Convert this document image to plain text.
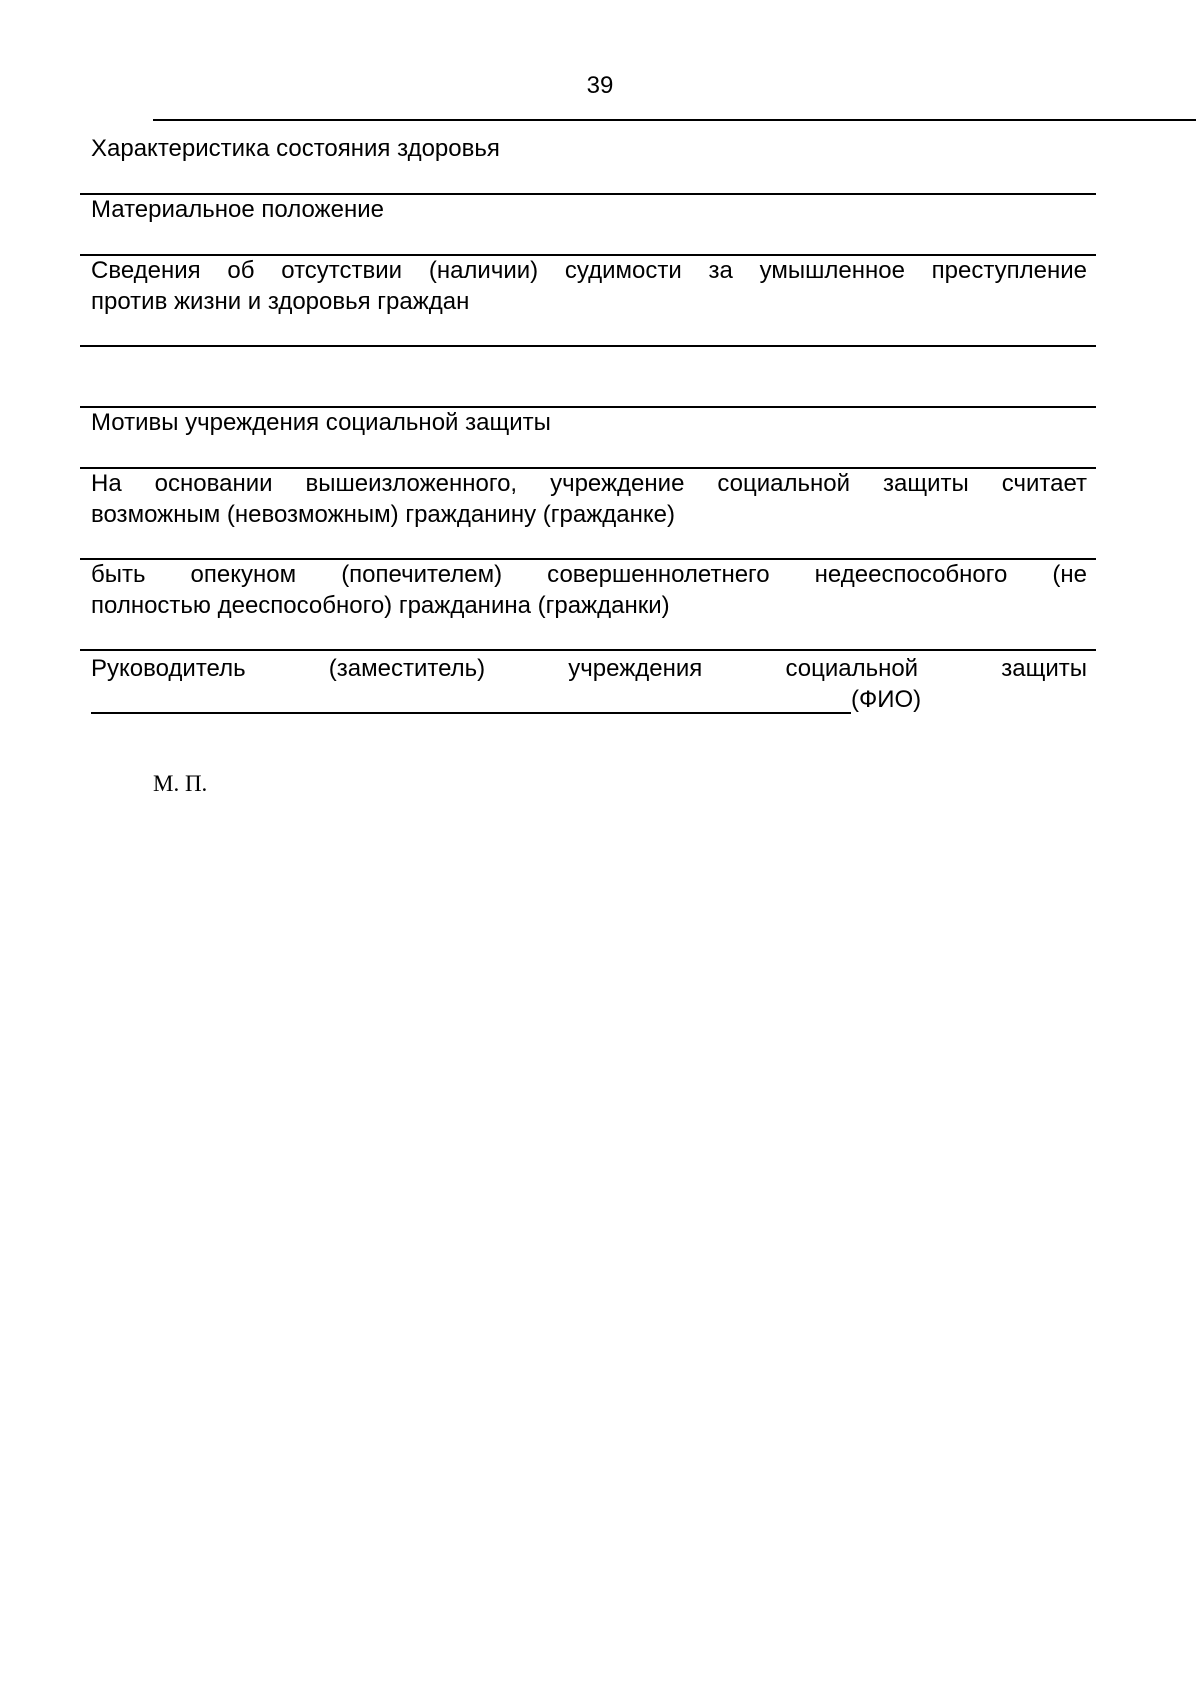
39
Характеристика состояния здоровья
Материальное положение
Сведения об отсутствии (наличии) судимости за умышленное преступление
против жизни и здоровья граждан
Мотивы учреждения социальной защиты
На основании вышеизложенного, учреждение социальной защиты считает
возможным (невозможным) гражданину (гражданке)
быть опекуном (попечителем) совершеннолетнего недееспособного (не
полностью дееспособного) гражданина (гражданки)
Руководитель (заместитель) учреждения социальной защиты
(ФИО)
М. П.
